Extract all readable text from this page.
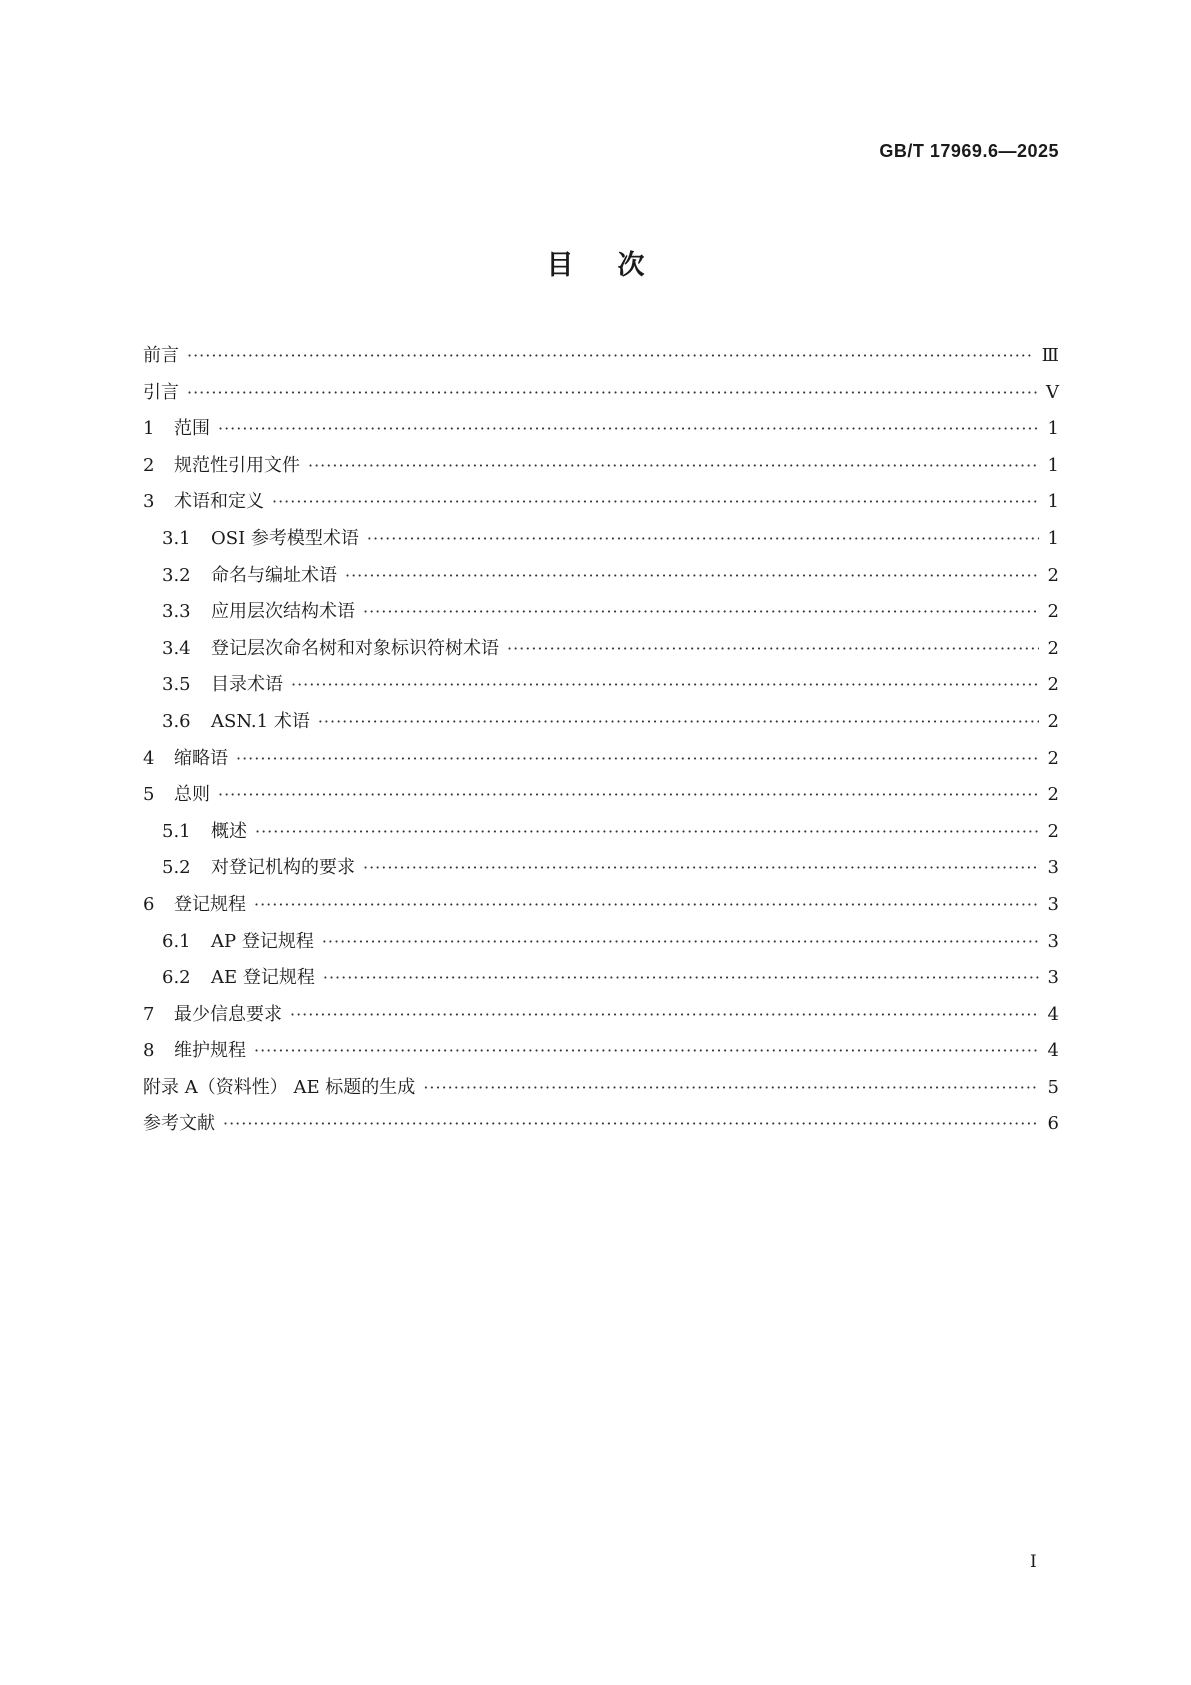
GB/T 17969.6—2025
目次
前言 ·····	Ⅲ
引言 ·····	Ⅴ
1	范围 ·····	1
2	规范性引用文件 ·····	1
3	术语和定义 ·····	1
3.1	OSI 参考模型术语 ·····	1
3.2	命名与编址术语 ·····	2
3.3	应用层次结构术语 ·····	2
3.4	登记层次命名树和对象标识符树术语 ·····	2
3.5	目录术语 ·····	2
3.6	ASN.1 术语 ·····	2
4	缩略语 ·····	2
5	总则 ·····	2
5.1	概述 ·····	2
5.2	对登记机构的要求 ·····	3
6	登记规程 ·····	3
6.1	AP 登记规程 ·····	3
6.2	AE 登记规程 ·····	3
7	最少信息要求 ·····	4
8	维护规程 ·····	4
附录 A（资料性） AE 标题的生成 ·····	5
参考文献 ·····	6
I
